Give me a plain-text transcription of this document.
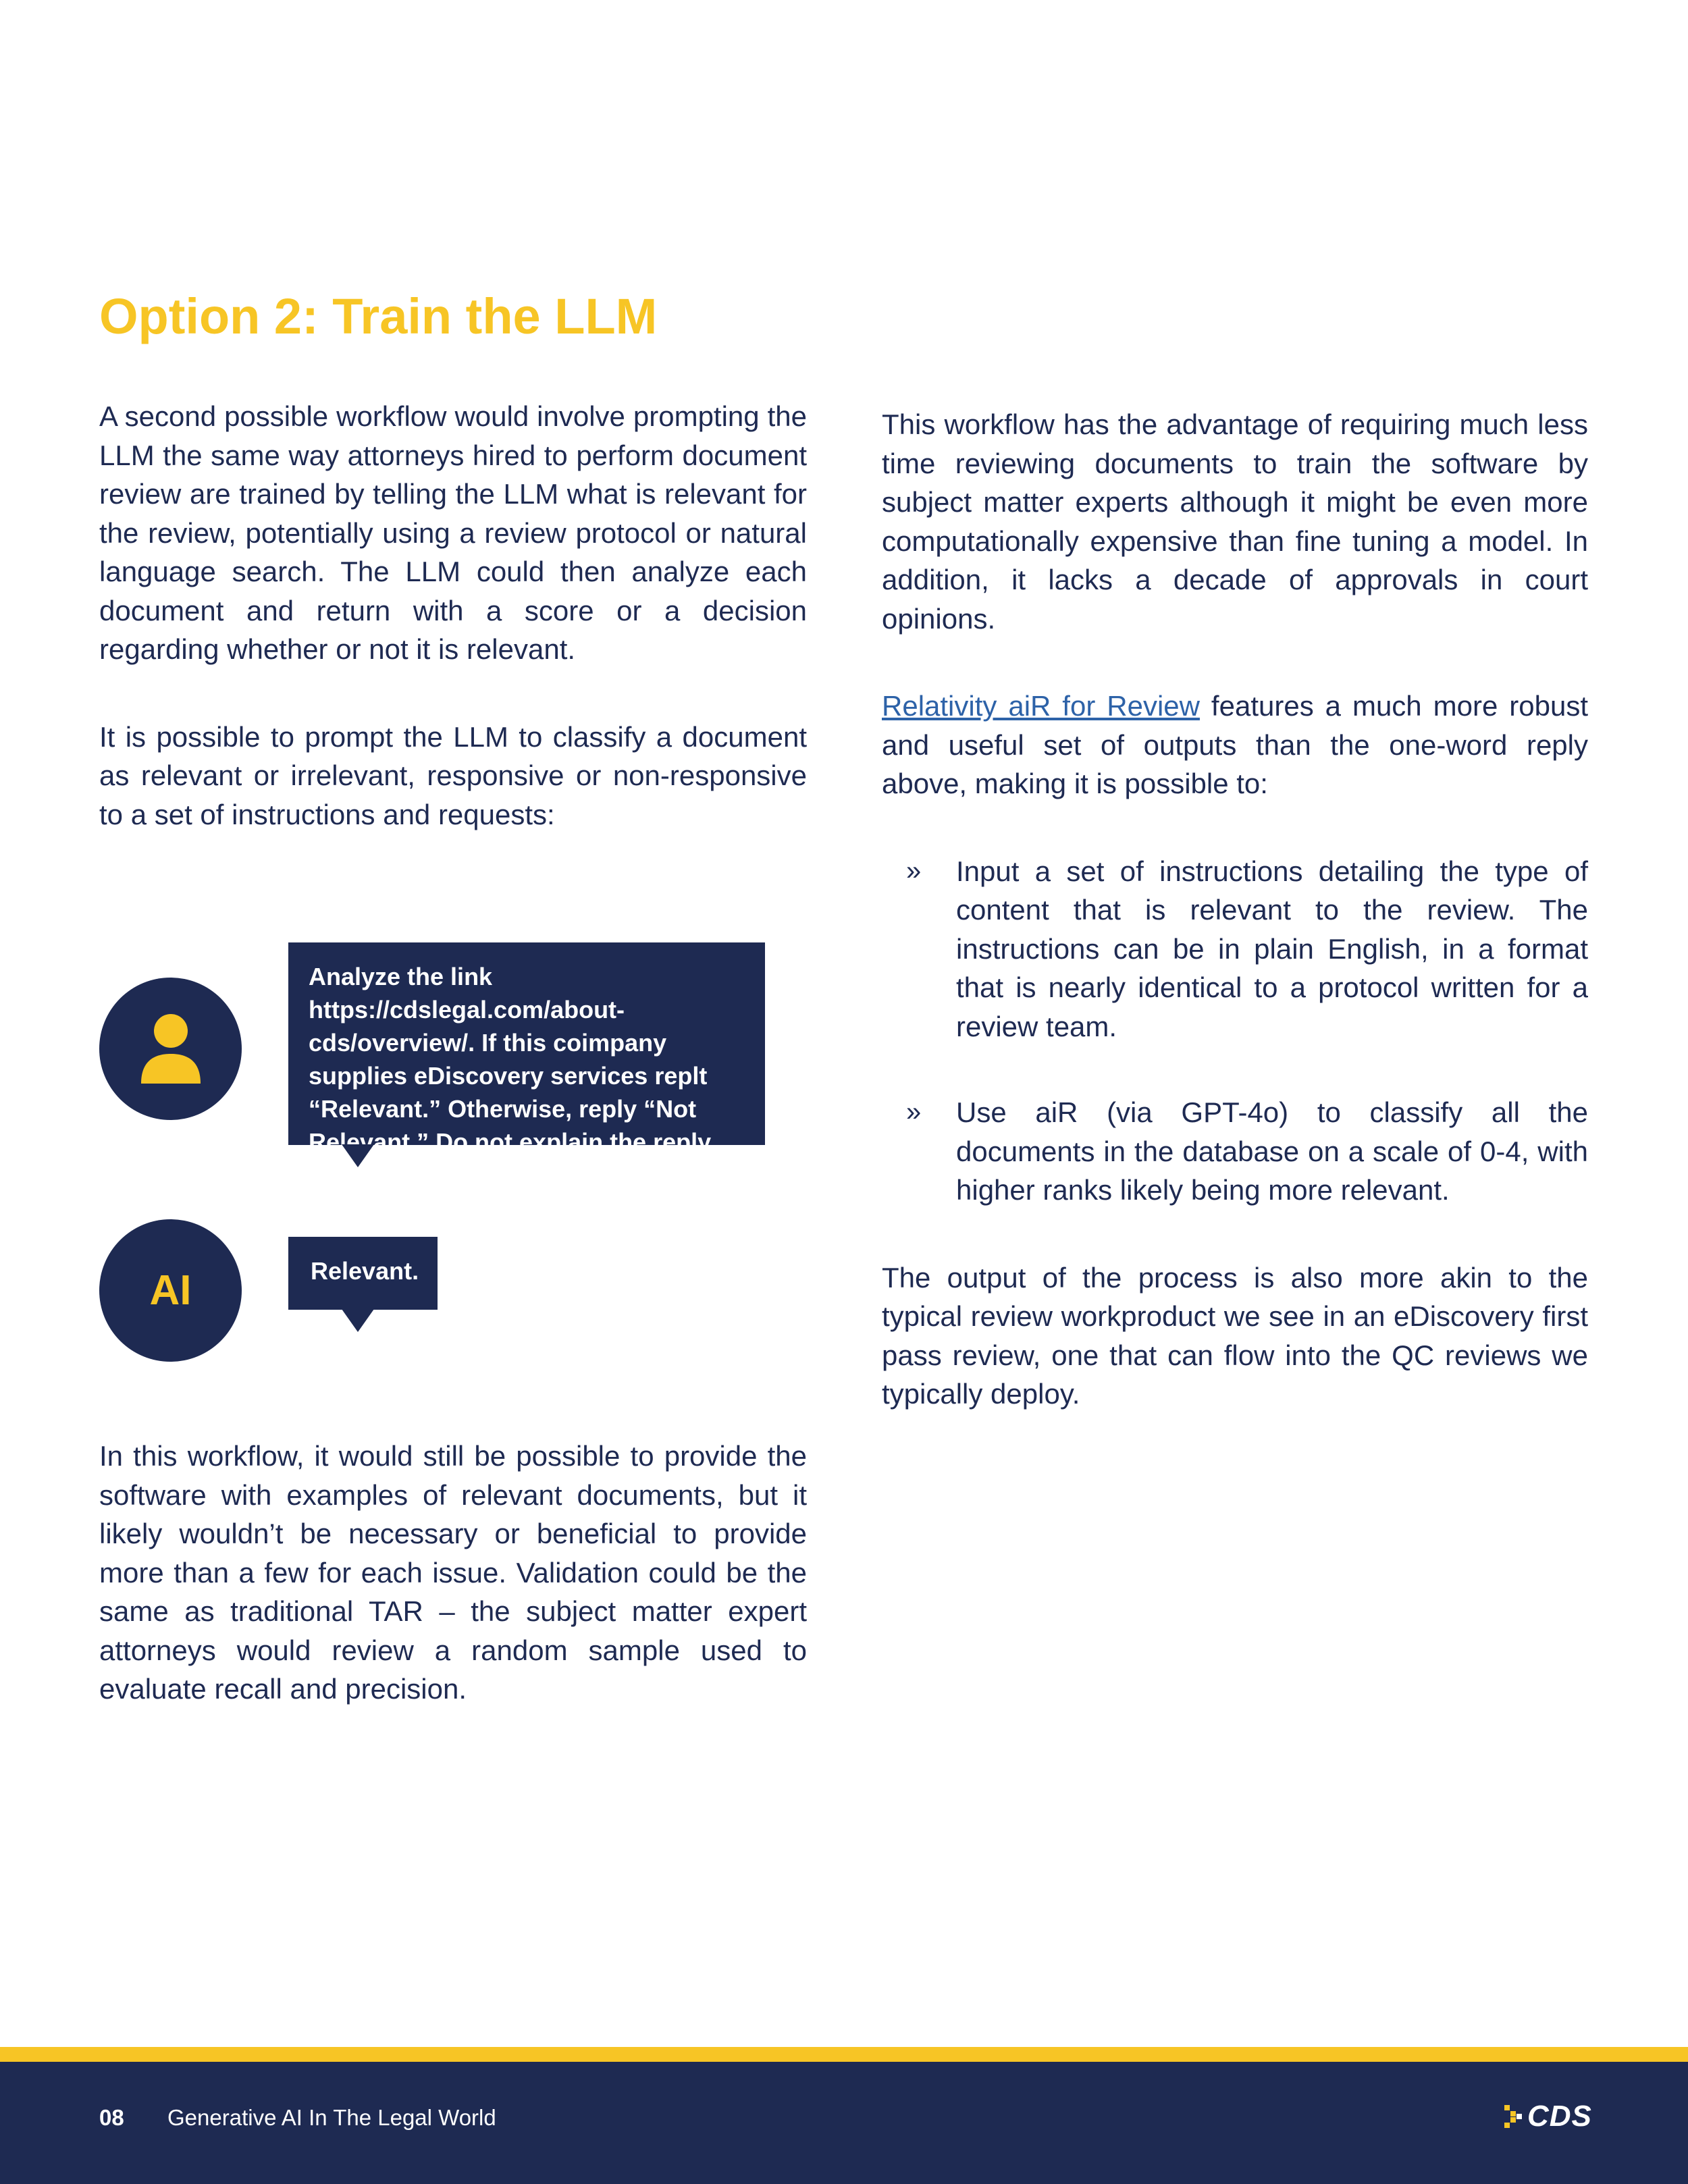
Option 2: Train the LLM

A second possible workflow would involve prompting the LLM the same way attorneys hired to perform document review are trained by telling the LLM what is relevant for the review, potentially using a review protocol or natural language search. The LLM could then analyze each document and return with a score or a decision regarding whether or not it is relevant.

It is possible to prompt the LLM to classify a document as relevant or irrelevant, responsive or non-responsive to a set of instructions and requests:

Analyze the link https://cdslegal.com/about-cds/overview/. If this coimpany supplies eDiscovery services replt “Relevant.” Otherwise, reply “Not Relevant.” Do not explain the reply.
AI	Relevant.

In this workflow, it would still be possible to provide the software with examples of relevant documents, but it likely wouldn’t be necessary or beneficial to provide more than a few for each issue. Validation could be the same as traditional TAR – the subject matter expert attorneys would review a random sample used to evaluate recall and precision.

This workflow has the advantage of requiring much less time reviewing documents to train the software by subject matter experts although it might be even more computationally expensive than fine tuning a model. In addition, it lacks a decade of approvals in court opinions.

Relativity aiR for Review features a much more robust and useful set of outputs than the one-word reply above, making it is possible to:

» Input a set of instructions detailing the type of content that is relevant to the review. The instructions can be in plain English, in a format that is nearly identical to a protocol written for a review team.
» Use aiR (via GPT-4o) to classify all the documents in the database on a scale of 0-4, with higher ranks likely being more relevant.

The output of the process is also more akin to the typical review workproduct we see in an eDiscovery first pass review, one that can flow into the QC reviews we typically deploy.

08 Generative AI In The Legal World	CDS
